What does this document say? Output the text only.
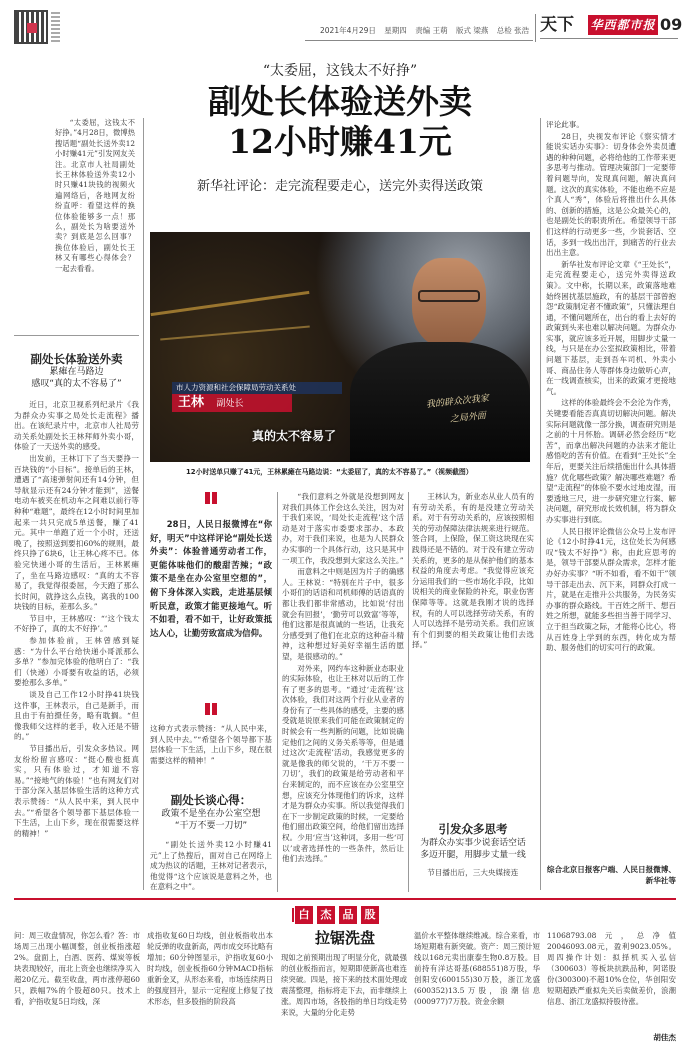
2021年4月29日 星期四 责编 王萌 版式 梁燕 总检 张浩 天下 华西都市报 09
“太委屈，这钱太不好挣”
副处长体验送外卖
12小时赚41元
新华社评论：走完流程要走心，送完外卖得送政策

“太委屈，这钱太不好挣。”4月28日，微博热搜话题“副处长送外卖12小时赚41元”引发网友关注。北京市人社局副处长王林体验送外卖12小时只赚41块钱的视频火遍网络后，各地网友纷纷直呼：看望这样的换位体验能够多一点！那么，副处长为啥要送外卖？到底是怎么回事？换位体验后，副处长王林又有哪些心得体会？一起去看看。

市人力资源和社会保障局劳动关系处
王林 副处长
真的太不容易了
我的辟众次我家
之局外面
12小时送单只赚了41元，王林累瘫在马路边说：“太委屈了，真的太不容易了。”（视频截图）
副处长体验送外卖
累瘫在马路边
感叹“真的太不容易了”

近日，北京卫视系列纪录片《我为群众办实事之局处长走流程》播出。在该纪录片中，北京市人社局劳动关系处副处长王林拜师外卖小哥，体验了一天送外卖的感受。

出发前，王林订下了当天要挣一百块钱的“小目标”。接单后的王林，遭遇了“高速弹射间还有14分钟，但导航显示还有24分钟才能到”，送餐电动车被夹在机动车之间难以前行等种种“难题”，最终在12小时时间里加起来一共只完成5单送餐，赚了41元。其中一单跑了近一个小时，还送晚了，按照送到要扣60%的规则，最终只挣了6块6，让王林心疼不已。体验完快递小哥的生活后，王林累瘫了，坐在马路边感叹：“真的太不容易了，我觉得很委屈，今天跑了那么长时间，就挣这么点钱，离我的100块钱的目标，差那么多。”

节目中，王林感叹：“‘这个钱太不好挣了，真的太不好挣’。”

参加体验前，王林曾感到疑惑：“为什么平台给快递小哥派那么多单？”参加完体验的他明白了：“我们（快递）小哥要有收益的话，必须要抢那么多单。”

谈及自己工作12小时挣41块钱这件事，王林表示，自己是新手，而且由于有拍摄任务，略有耽搁。“但像我师父这样的老手，收入还是不错的。”

节目播出后，引发众多热议。网友纷纷留言感叹：“挺心酸也挺真实，只有体验过，才知道不容易。”“接地气的体验！”也有网友们对于部分深入基层体验生活的这种方式表示赞扬：“从人民中来，到人民中去。”“希望各个领导都下基层体验一下生活，上山下乡，现在很需要这样的精神！”

28日，人民日报微博在“你好，明天”中这样评论“副处长送外卖”：体验普通劳动者工作，更能体味他们的酸甜苦辣；“政策不是坐在办公室里空想的”，俯下身体深入实践，走进基层倾听民意，政策才能更接地气。听不如看，看不如干，让好政策抵达人心，让勤劳致富成为信仰。

这种方式表示赞扬：“从人民中来，到人民中去。”“希望各个领导都下基层体验一下生活，上山下乡，现在很需要这样的精神！”

副处长谈心得：
政策不是坐在办公室空想
“干万不要一刀切”

“副处长送外卖12小时赚41元”上了热搜后，面对自己在网络上成为热议的话题，王林对记者表示，他觉得“这个应该说是意料之外，也在意料之中”。

“我们意料之外就是没想到网友对我们具体工作会这么关注，因为对于我们来说，‘局处长走流程’这个活动是对于落实市委要求部办、本政办，对于我们来说，也是为人民群众办实事的一个具体行动，这只是其中一项工作，我没想到大家这么关注。”

而意料之中则是因为片子的确感人。王林说：“特别在片子中，很多小哥们的话语和司机师傅的话语真的都让我们都非常感动，比如说‘付出就会有回报’，‘勤劳可以致富’等等，他们这都是很真诚的一些话，让我充分感受到了他们在北京的这种奋斗精神，这种想过好美好幸福生活的愿望，是很感动的。”

对外来，网约车这种新业态职业的实际体验，也让王林对以后的工作有了更多的思考。“通过‘走流程’这次体验，我们对这两个行业从业者的身份有了一些具体的感受，主要的感受就是说原来我们可能在政策制定的时候会有一些判断的问题，比如说确定他们之间的义务关系等等，但是通过这次‘走流程’活动，我感觉更多的就是像我的师父说的，‘干万不要一刀切’，我们的政策是给劳动者和平台来制定的，而不应该在办公室里空想，应该充分体现他们的诉求，这样才是为群众办实事。所以我觉得我们在下一步制定政策的时候，一定要给他们留出政策空间，给他们留出选择权。少用‘应当’这种词，多用一些‘可以’或者选择性的一些条件，然后让他们去选择。”

王林认为，新业态从业人员有的有劳动关系，有的是没建立劳动关系。对于有劳动关系的，应该按照相关的劳动保障法律法规来进行规范。签合同，上保险，保工资这块现在实践得还是不错的。对于没有建立劳动关系的，更多的是从保护他们的基本权益的角度去考虑。“我觉得应该充分运用我们的一些市场化手段，比如说相关的商业保险的补充，职业伤害保障等等。这就是我刚才说的选择权，有的人可以选择劳动关系，有的人可以选择不是劳动关系。我们应该有个们到要的相关政策让他们去选择。”

引发众多思考
为群众办实事少说套话空话
多迈开腿，用脚步丈量一线

节目播出后，三大央媒接连

评论此事。

28日，央视发布评论《察实情才能说实话办实事》：切身体会外卖员遭遇的种种问题，必将给他的工作带来更多思考与推动。管理决策部门一定要带着问题导向，发现真问题，解决真问题。这次的真实体验，不能也绝不应是个真人“秀”，体验后将推出什么具体的、创新的措施，这是公众最关心的，也是副处长的职责所在。希望领导干部们这样的行动更多一些，少说套话、空话，多到一线出出汗，到痛苦的行业去出出主意。

新华社发布评论文章《“王处长”，走完流程要走心，送完外卖得送政策》。文中称，长期以来，政策落地难始终困扰基层施政，有的基层干部曾抱怨“政策制定者不懂政策”，只懂法理自通，不懂问题所在，出台的看上去好的政策到头来也难以解决问题。为群众办实事，就应该多近开展，用脚步丈量一线，与只是在办公室拟政策相比，带着问题下基层，走到吾车司机、外卖小哥、商品住务人等群体身边做听心声，在一线调查核实，出来的政策才更接地气。

这样的体验最终会不会沦为作秀，关键要看能否真真切切解决问题。解决实际问题就像一部分换，调查研究则是之前的十月怀胎。调研必然会经历“吃苦”，而拿出解决问题的办法来才能让感悟吃的苦有价值。在看到“王处长”全年后，更要关注后续措施出什么具体措施？优化哪些政策？解决哪些难题？希望“走流程”的体验不要水过地皮湿，而要透地三尺，进一步研究建立行案、解决问题，研究形成长效机制，将为群众办实事进行到底。

人民日报评论微信公众号上发布评论《12小时挣41元，这位处长为何感叹“钱太不好挣”》称，由此应思考的是，领导干部要从群众需求，怎样才能办好办实事？“听不如看，看不如干”领导干部走出去、沉下来，同群众打成一片，就是在走推升公共服务，为民务实办事的群众路线。干百姓之所干、想百姓之所想，就能多些担当善于同学习、立于担当政策之际，才能将心比心，将从百姓身上学到的东西，转化成为帮助、服务他们的切实可行的政策。

综合北京日报客户端、人民日报微博、新华社等
白 杰 品 股
拉锯洗盘

问：周三收盘情况，你怎么看？答：市场周三出现小幅调整，创业板指涨超2%。盘面上，白酒、医药、煤炭等板块表现较好，而北上资金也继续净买入超20亿元。截至收盘，两市涨停超60只，跌幅7%的个股超80只。技术上看，沪指收复5日均线，深

成指收复60日均线，创业板指收出本轮反弹的收盘新高，两市成交环比略有增加；60分钟图显示，沪指收复60小时均线，创业板指60分钟MACD指标重新金叉，从形态来看，市场连续两日的强度回升，显示一定程度上修复了技术形态，但多股指的阶段高

现如之前预期出现了明显分化，就最强的创业板指而言，短期即使新高也难连续突破。四是，接下来的技术面处理或震荡整理，指标将走下去，而非继续上涨。周四市场，各股指的单日均线走势来说，大量的分化走势

温价水平整体继续维减。综合来看，市场短期难有新突破。资产：周三预计短线以168元卖出康泰生物0.8万股。目前持有洋达哥基(688551)8万股，华创阳安(600155)30万股，浙江龙盛(600352)13.5万股，浪潮信息(000977)7万股。资金余额

11068793.08元，总净值20046093.08元，盈利9023.05%。周四操作计划：拟择机买入弘信（300603）等板块抗跌品种，阿诺股份(300300)不超10%仓位，华创阳安短期超跌严重拟先关后卖做差价，浪潮信息、浙江龙盛拟持股待涨。

胡佳杰
